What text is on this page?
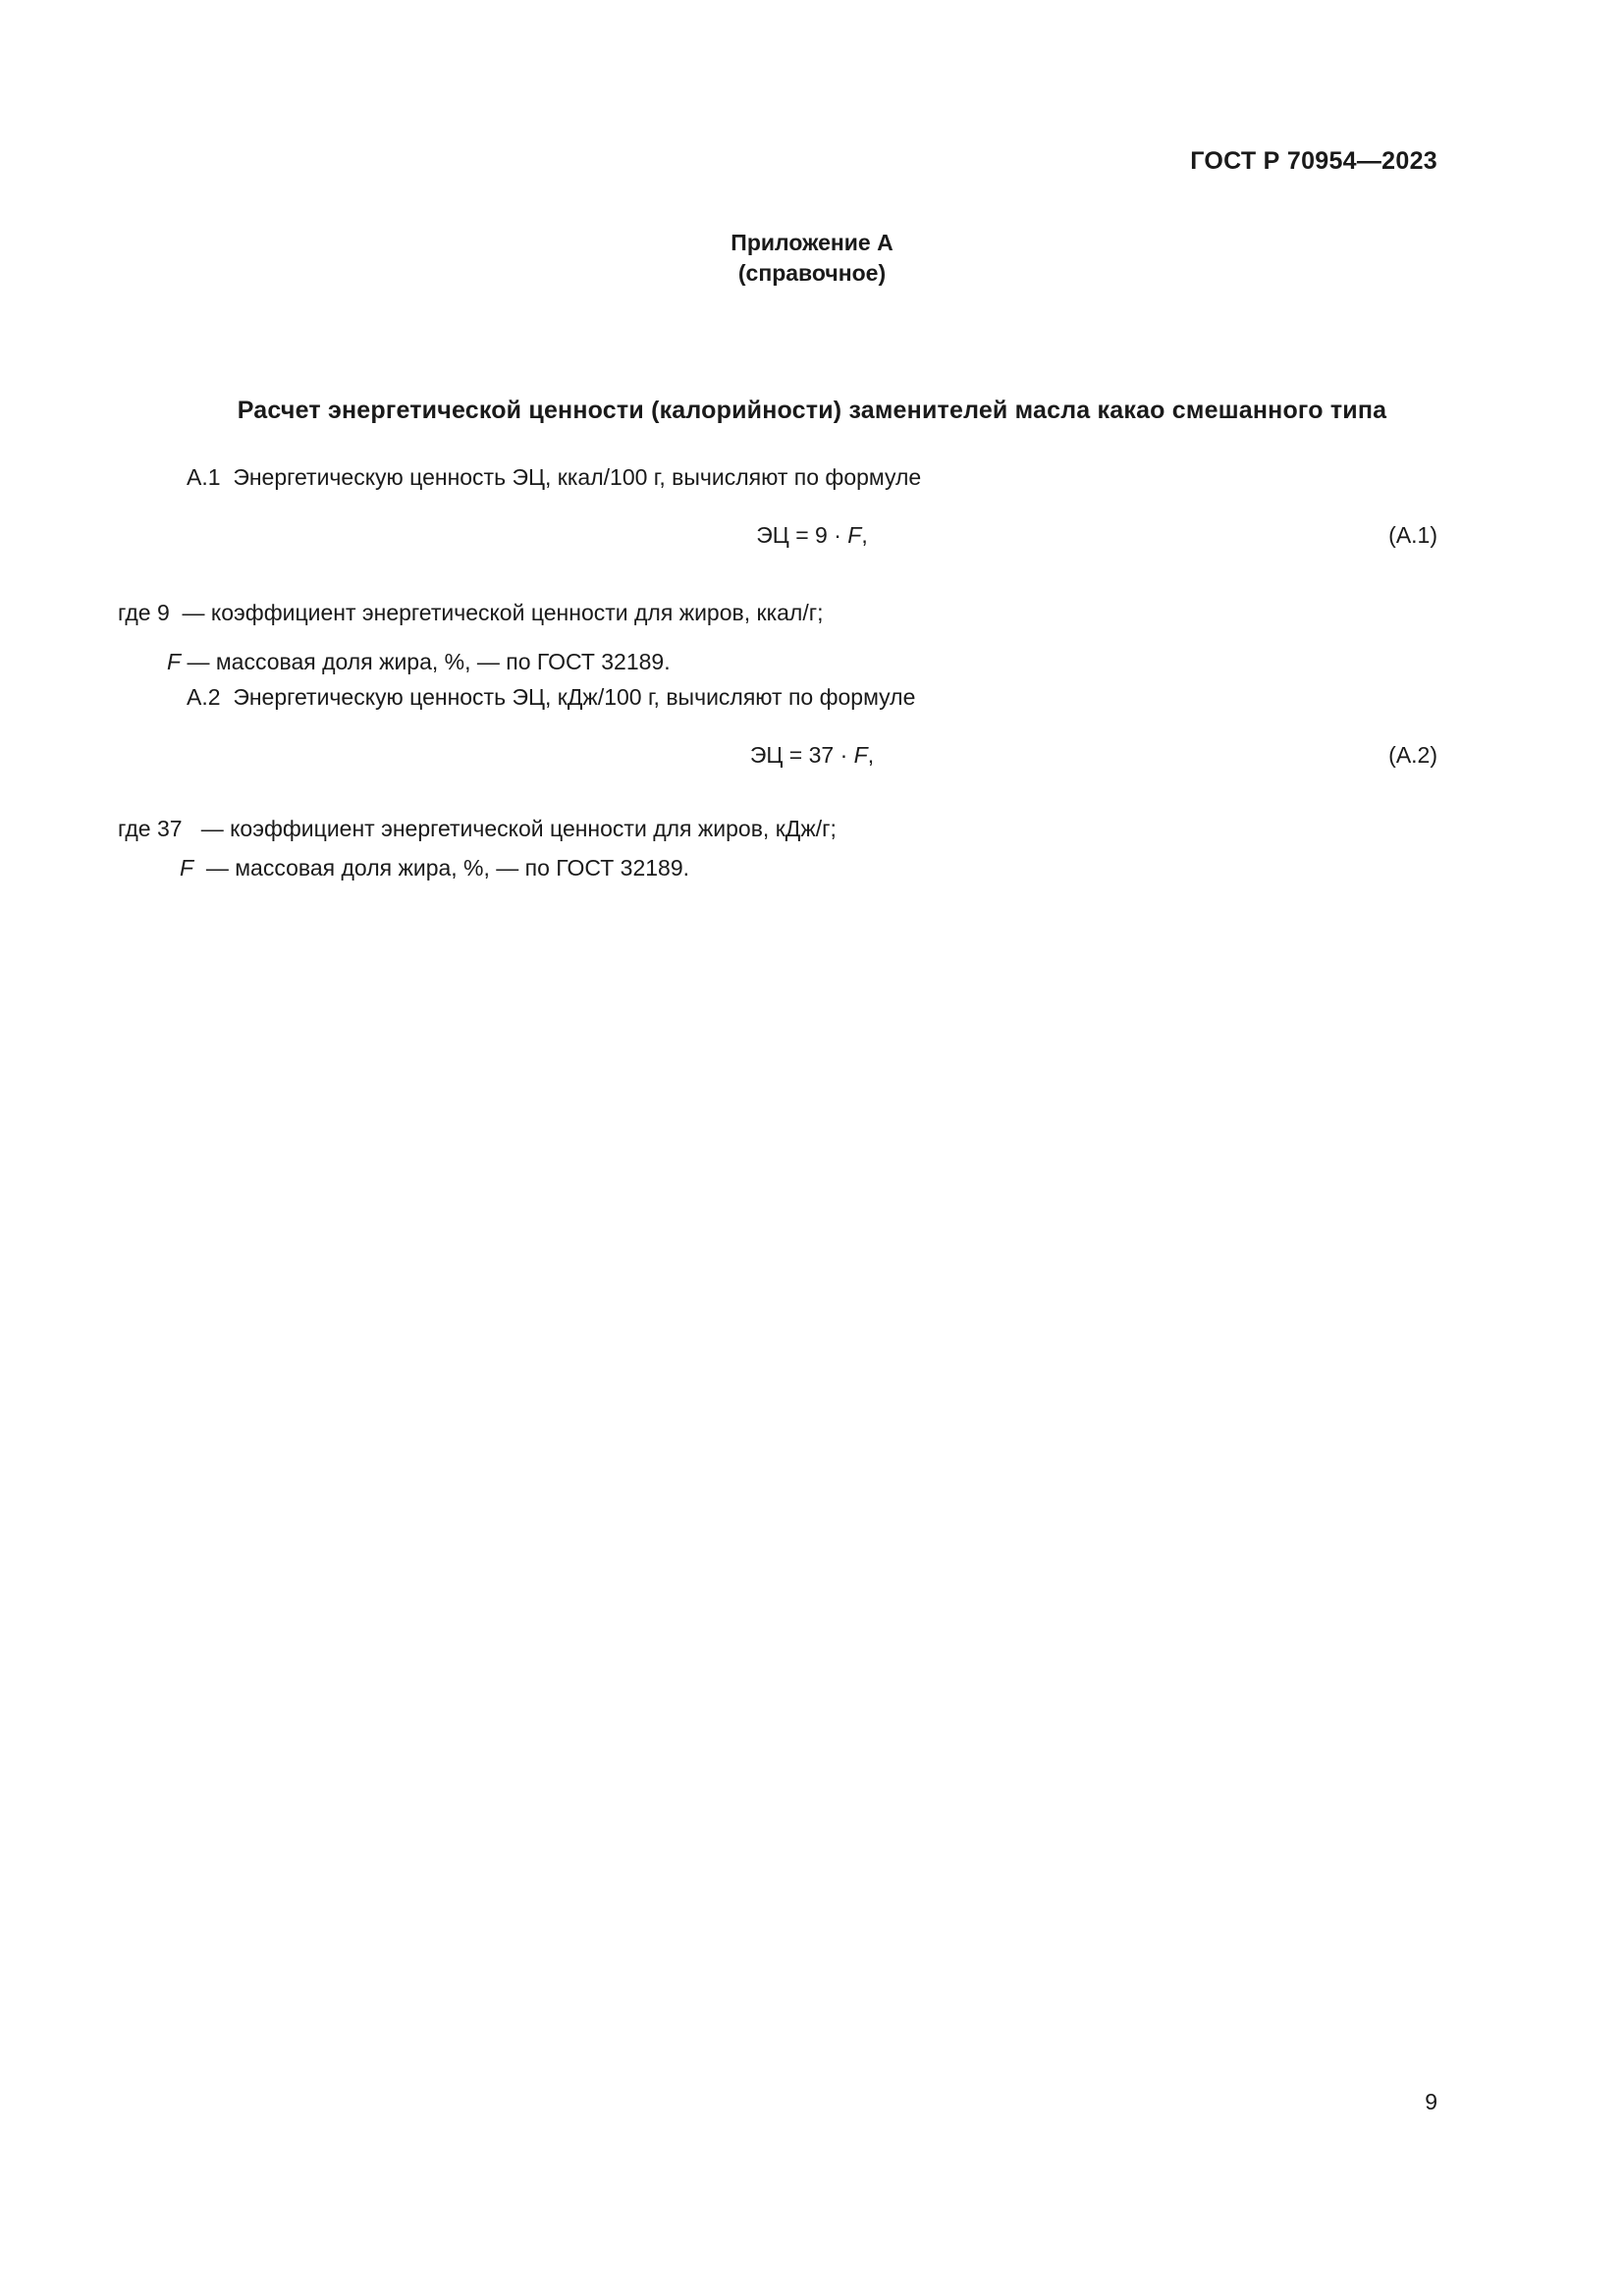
ГОСТ Р 70954—2023
Приложение А
(справочное)
Расчет энергетической ценности (калорийности) заменителей масла какао смешанного типа
А.1 Энергетическую ценность ЭЦ, ккал/100 г, вычисляют по формуле
ЭЦ = 9 · F,	(А.1)
где 9 — коэффициент энергетической ценности для жиров, ккал/г;
F — массовая доля жира, %, — по ГОСТ 32189.
А.2 Энергетическую ценность ЭЦ, кДж/100 г, вычисляют по формуле
ЭЦ = 37 · F,	(А.2)
где 37 — коэффициент энергетической ценности для жиров, кДж/г;
F — массовая доля жира, %, — по ГОСТ 32189.
9
